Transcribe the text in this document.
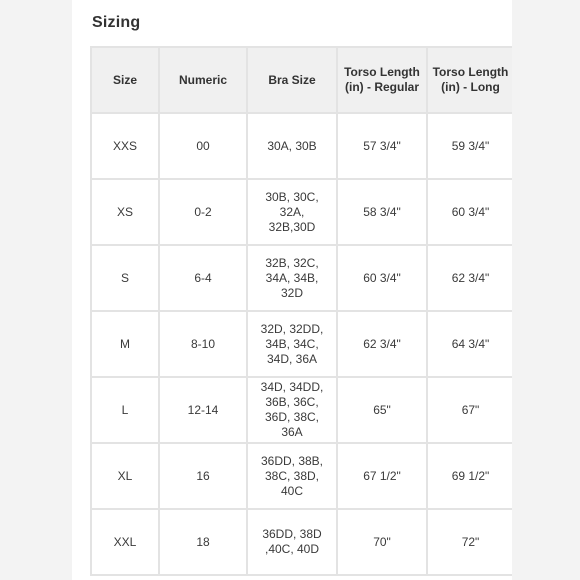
Sizing
Size	Numeric	Bra Size	Torso Length (in) - Regular	Torso Length (in) - Long
XXS	00	30A, 30B	57 3/4"	59 3/4"
XS	0-2	30B, 30C, 32A, 32B,30D	58 3/4"	60 3/4"
S	6-4	32B, 32C, 34A, 34B, 32D	60 3/4"	62 3/4"
M	8-10	32D, 32DD, 34B, 34C, 34D, 36A	62 3/4"	64 3/4"
L	12-14	34D, 34DD, 36B, 36C, 36D, 38C, 36A	65"	67"
XL	16	36DD, 38B, 38C, 38D, 40C	67 1/2"	69 1/2"
XXL	18	36DD, 38D ,40C, 40D	70"	72"
